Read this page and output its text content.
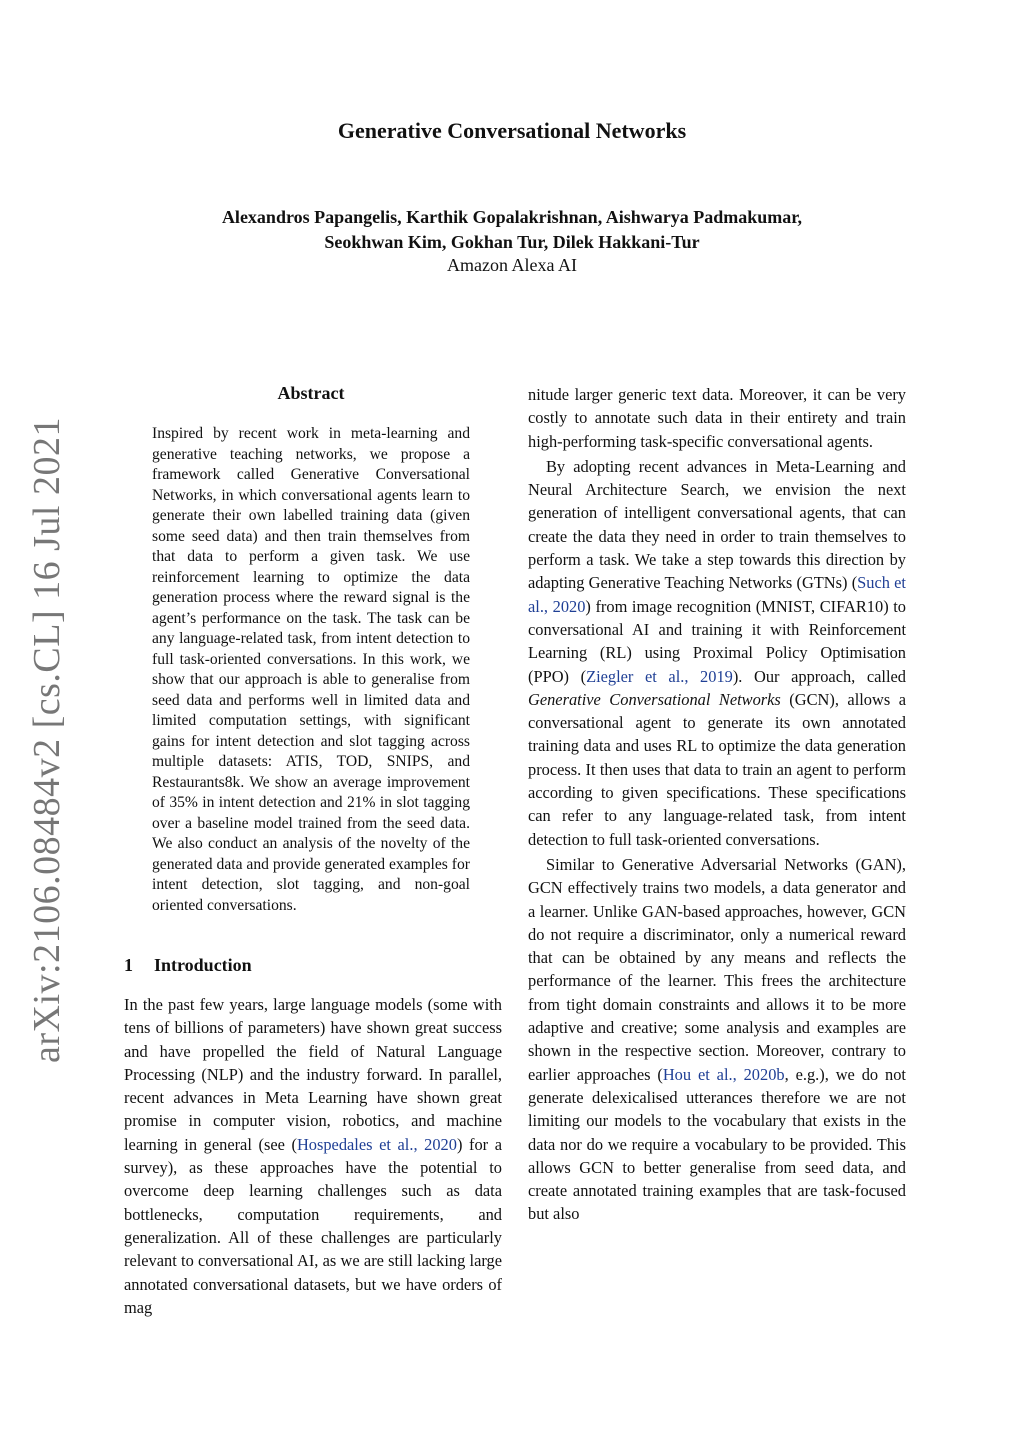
Generative Conversational Networks
Alexandros Papangelis, Karthik Gopalakrishnan, Aishwarya Padmakumar,
Seokhwan Kim, Gokhan Tur, Dilek Hakkani-Tur
Amazon Alexa AI
arXiv:2106.08484v2 [cs.CL] 16 Jul 2021
Abstract

Inspired by recent work in meta-learning and generative teaching networks, we propose a framework called Generative Conversational Networks, in which conversational agents learn to generate their own labelled training data (given some seed data) and then train themselves from that data to perform a given task. We use reinforcement learning to optimize the data generation process where the reward signal is the agent’s performance on the task. The task can be any language-related task, from intent detection to full task-oriented conversations. In this work, we show that our approach is able to generalise from seed data and performs well in limited data and limited computation settings, with significant gains for intent detection and slot tagging across multiple datasets: ATIS, TOD, SNIPS, and Restaurants8k. We show an average improvement of 35% in intent detection and 21% in slot tagging over a baseline model trained from the seed data. We also conduct an analysis of the novelty of the generated data and provide generated examples for intent detection, slot tagging, and non-goal oriented conversations.

1 Introduction

In the past few years, large language models (some with tens of billions of parameters) have shown great success and have propelled the field of Natural Language Processing (NLP) and the industry forward. In parallel, recent advances in Meta Learning have shown great promise in computer vision, robotics, and machine learning in general (see (Hospedales et al., 2020) for a survey), as these approaches have the potential to overcome deep learning challenges such as data bottlenecks, computation requirements, and generalization. All of these challenges are particularly relevant to conversational AI, as we are still lacking large annotated conversational datasets, but we have orders of mag

nitude larger generic text data. Moreover, it can be very costly to annotate such data in their entirety and train high-performing task-specific conversational agents.

By adopting recent advances in Meta-Learning and Neural Architecture Search, we envision the next generation of intelligent conversational agents, that can create the data they need in order to train themselves to perform a task. We take a step towards this direction by adapting Generative Teaching Networks (GTNs) (Such et al., 2020) from image recognition (MNIST, CIFAR10) to conversational AI and training it with Reinforcement Learning (RL) using Proximal Policy Optimisation (PPO) (Ziegler et al., 2019). Our approach, called Generative Conversational Networks (GCN), allows a conversational agent to generate its own annotated training data and uses RL to optimize the data generation process. It then uses that data to train an agent to perform according to given specifications. These specifications can refer to any language-related task, from intent detection to full task-oriented conversations.

Similar to Generative Adversarial Networks (GAN), GCN effectively trains two models, a data generator and a learner. Unlike GAN-based approaches, however, GCN do not require a discriminator, only a numerical reward that can be obtained by any means and reflects the performance of the learner. This frees the architecture from tight domain constraints and allows it to be more adaptive and creative; some analysis and examples are shown in the respective section. Moreover, contrary to earlier approaches (Hou et al., 2020b, e.g.), we do not generate delexicalised utterances therefore we are not limiting our models to the vocabulary that exists in the data nor do we require a vocabulary to be provided. This allows GCN to better generalise from seed data, and create annotated training examples that are task-focused but also
